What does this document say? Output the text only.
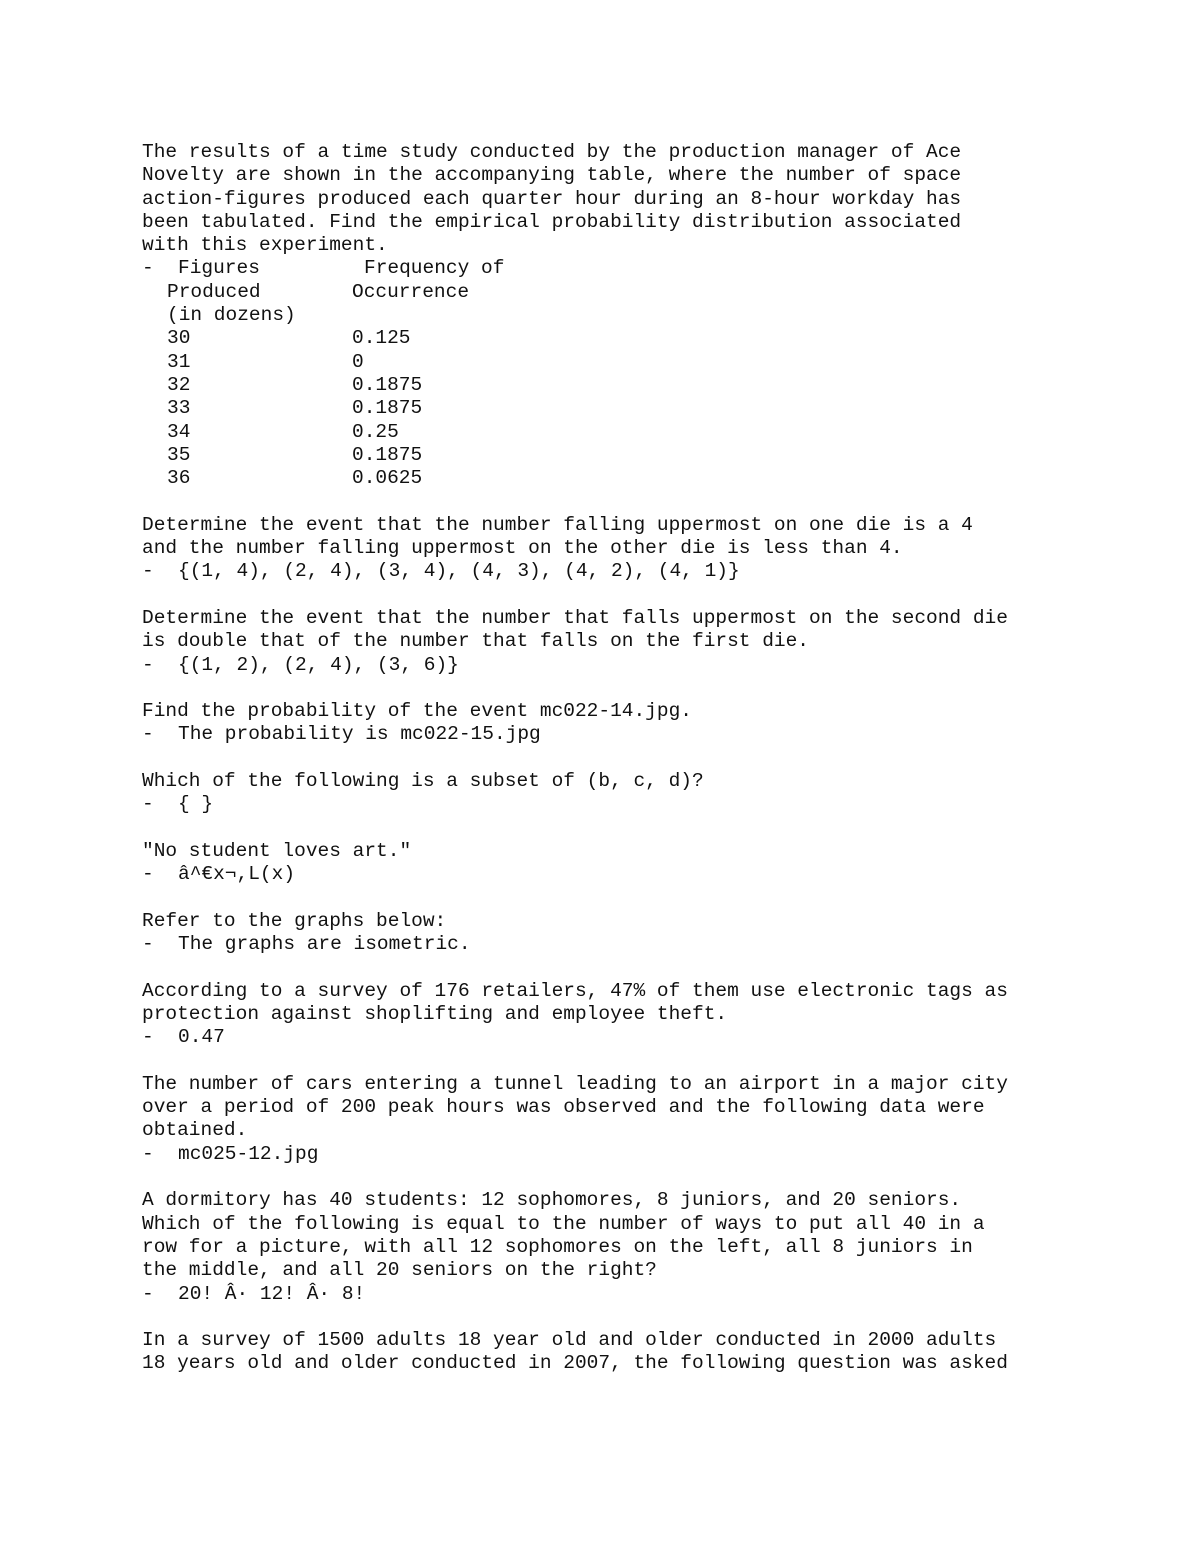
The results of a time study conducted by the production manager of Ace
Novelty are shown in the accompanying table, where the number of space
action-figures produced each quarter hour during an 8-hour workday has
been tabulated. Find the empirical probability distribution associated
with this experiment.
- Figures	Frequency of
Produced	Occurrence
(in dozens)
30	0.125
31	0
32	0.1875
33	0.1875
34	0.25
35	0.1875
36	0.0625
Determine the event that the number falling uppermost on one die is a 4
and the number falling uppermost on the other die is less than 4.
- {(1, 4), (2, 4), (3, 4), (4, 3), (4, 2), (4, 1)}
Determine the event that the number that falls uppermost on the second die
is double that of the number that falls on the first die.
- {(1, 2), (2, 4), (3, 6)}
Find the probability of the event mc022-14.jpg.
- The probability is mc022-15.jpg
Which of the following is a subset of (b, c, d)?
- { }
"No student loves art."
- â^€x¬,L(x)
Refer to the graphs below:
- The graphs are isometric.
According to a survey of 176 retailers, 47% of them use electronic tags as
protection against shoplifting and employee theft.
- 0.47
The number of cars entering a tunnel leading to an airport in a major city
over a period of 200 peak hours was observed and the following data were
obtained.
- mc025-12.jpg
A dormitory has 40 students: 12 sophomores, 8 juniors, and 20 seniors.
Which of the following is equal to the number of ways to put all 40 in a
row for a picture, with all 12 sophomores on the left, all 8 juniors in
the middle, and all 20 seniors on the right?
- 20! Â· 12! Â· 8!
In a survey of 1500 adults 18 year old and older conducted in 2000 adults
18 years old and older conducted in 2007, the following question was asked
